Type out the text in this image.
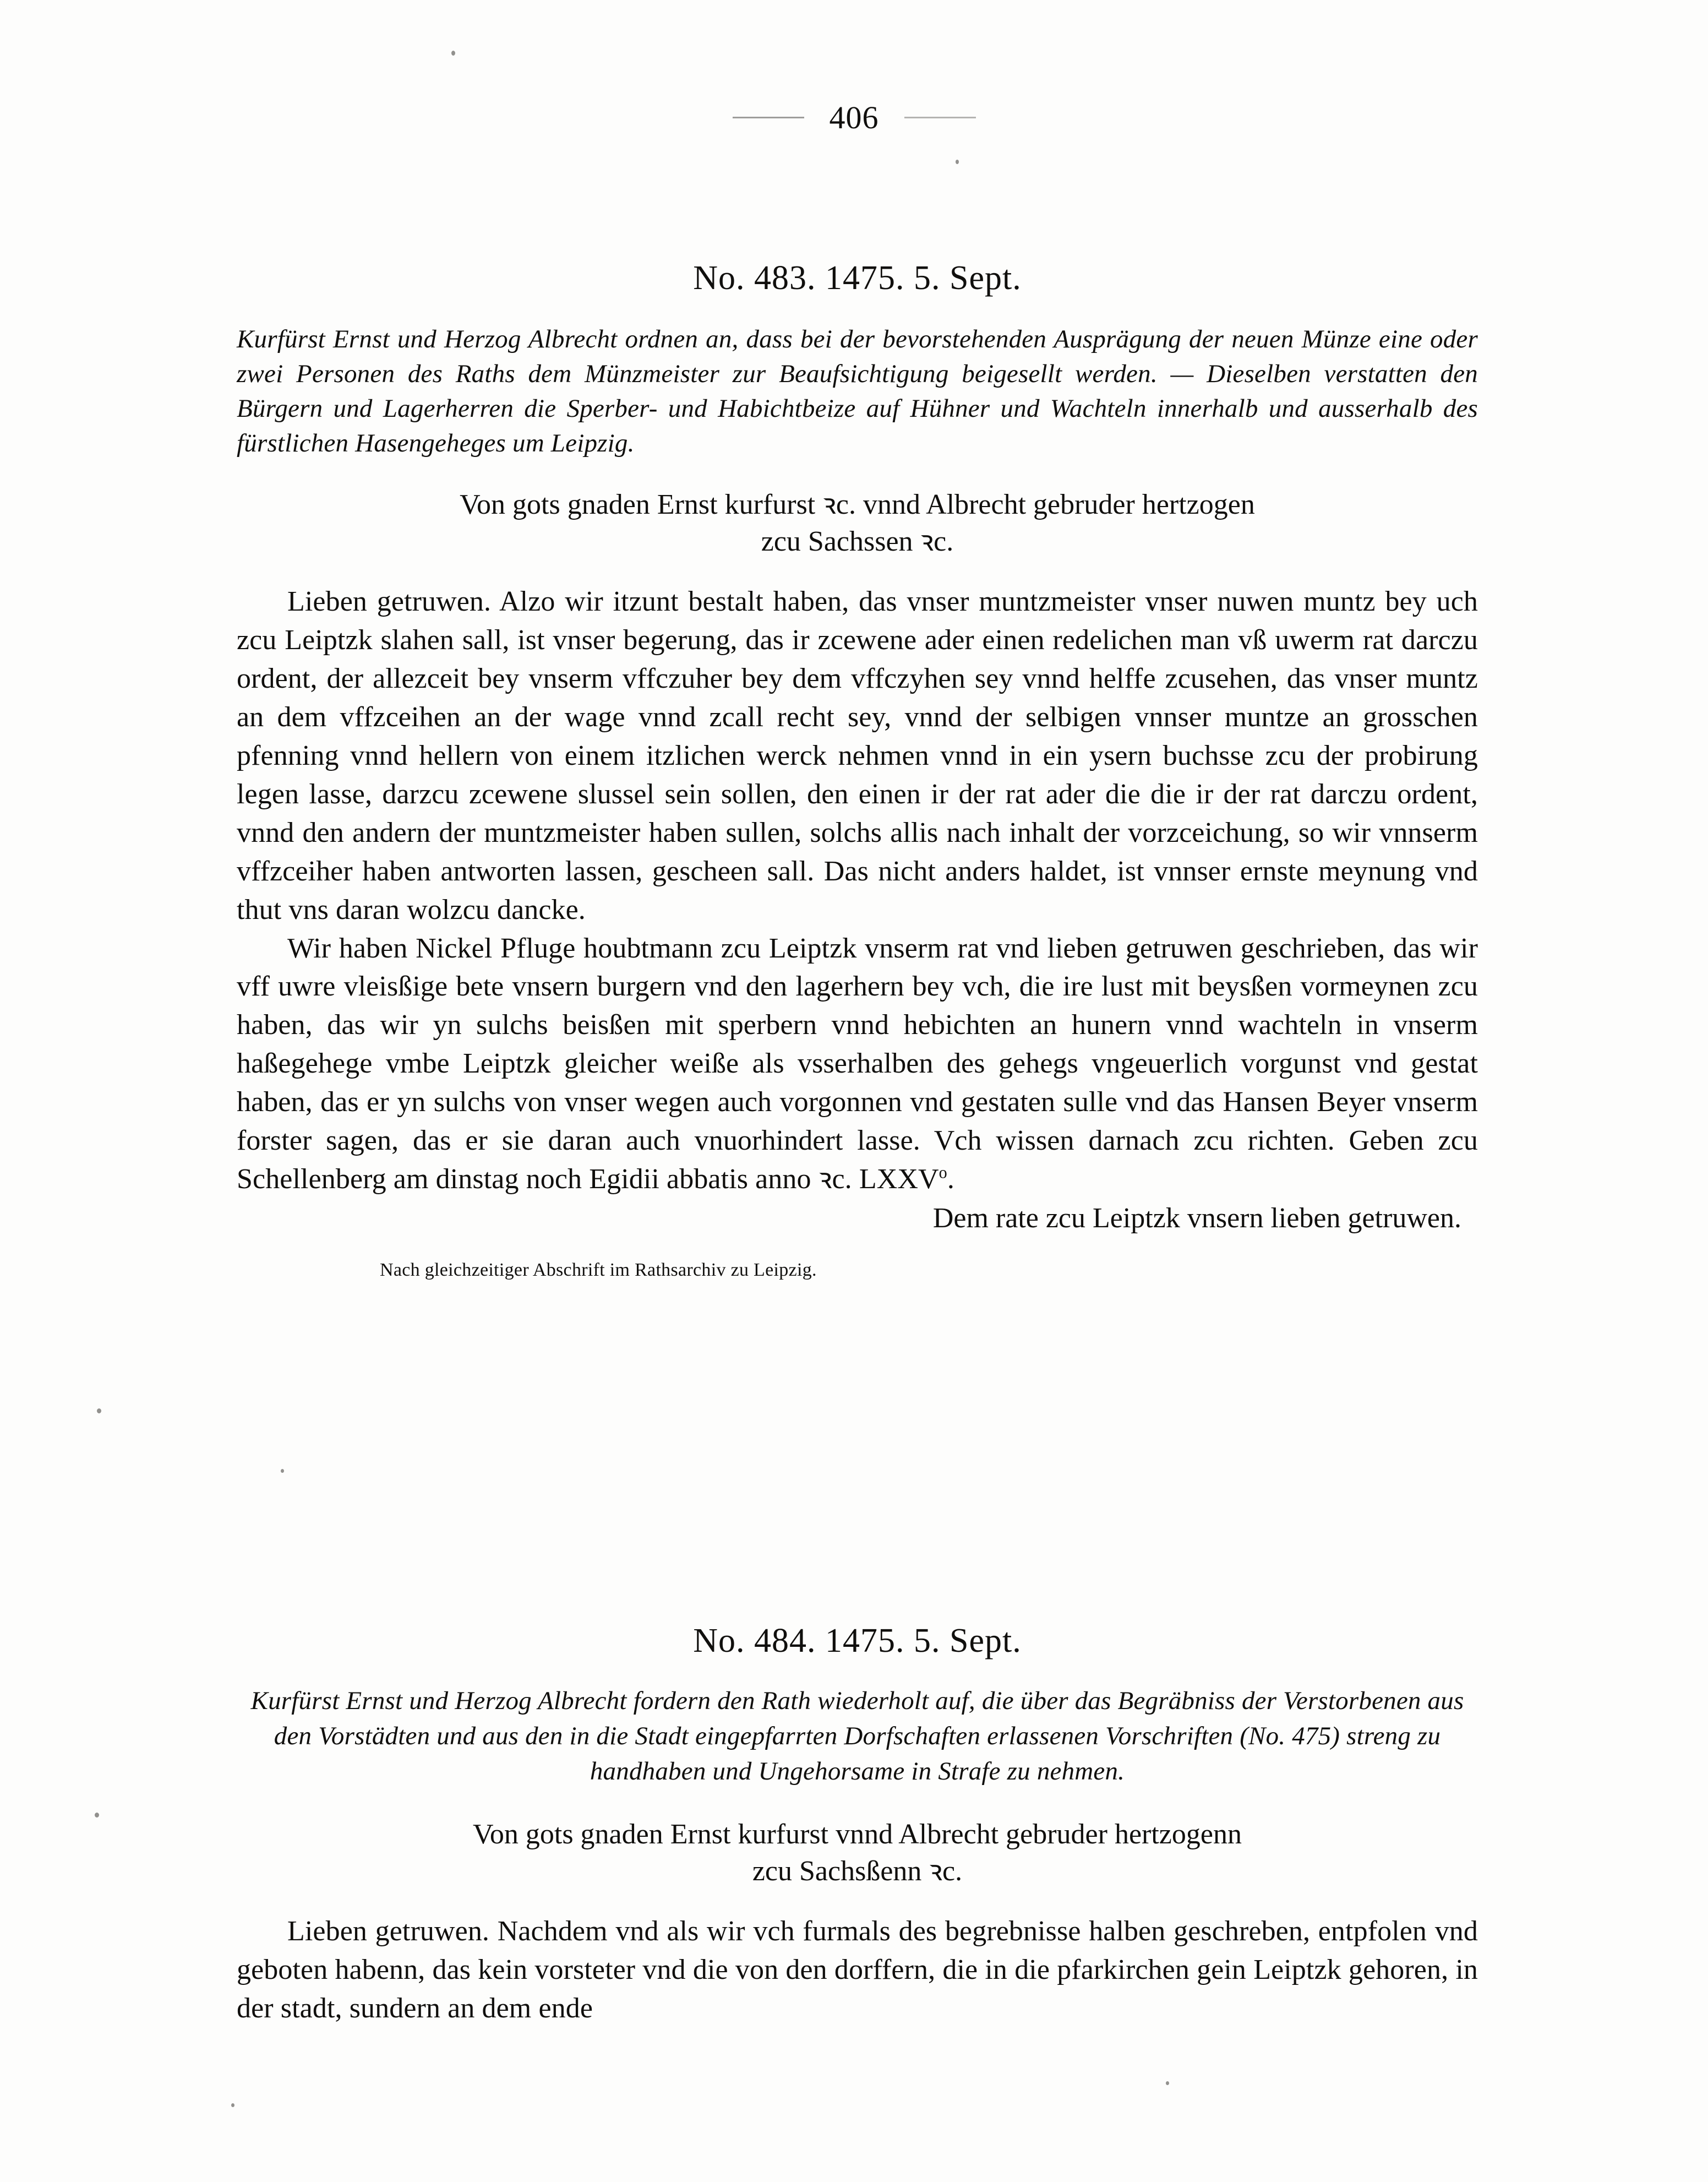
406
No. 483. 1475. 5. Sept.

Kurfürst Ernst und Herzog Albrecht ordnen an, dass bei der bevorstehenden Ausprägung der neuen Münze eine oder zwei Personen des Raths dem Münzmeister zur Beaufsichtigung beigesellt werden. — Dieselben verstatten den Bürgern und Lagerherren die Sperber- und Habichtbeize auf Hühner und Wachteln innerhalb und ausserhalb des fürstlichen Hasengeheges um Leipzig.

Von gots gnaden Ernst kurfurst ꝛc. vnnd Albrecht gebruder hertzogen

zcu Sachssen ꝛc.

Lieben getruwen. Alzo wir itzunt bestalt haben, das vnser muntzmeister vnser nuwen muntz bey uch zcu Leiptzk slahen sall, ist vnser begerung, das ir zcewene ader einen redelichen man vß uwerm rat darczu ordent, der allezceit bey vnserm vffczuher bey dem vffczyhen sey vnnd helffe zcusehen, das vnser muntz an dem vffzceihen an der wage vnnd zcall recht sey, vnnd der selbigen vnnser muntze an grosschen pfenning vnnd hellern von einem itzlichen werck nehmen vnnd in ein ysern buchsse zcu der probirung legen lasse, darzcu zcewene slussel sein sollen, den einen ir der rat ader die die ir der rat darczu ordent, vnnd den andern der muntzmeister haben sullen, solchs allis nach inhalt der vorzceichung, so wir vnnserm vffzceiher haben antworten lassen, gescheen sall. Das nicht anders haldet, ist vnnser ernste meynung vnd thut vns daran wolzcu dancke.

Wir haben Nickel Pfluge houbtmann zcu Leiptzk vnserm rat vnd lieben getruwen geschrieben, das wir vff uwre vleisßige bete vnsern burgern vnd den lagerhern bey vch, die ire lust mit beysßen vormeynen zcu haben, das wir yn sulchs beisßen mit sperbern vnnd hebichten an hunern vnnd wachteln in vnserm haßegehege vmbe Leiptzk gleicher weiße als vsserhalben des gehegs vngeuerlich vorgunst vnd gestat haben, das er yn sulchs von vnser wegen auch vorgonnen vnd gestaten sulle vnd das Hansen Beyer vnserm forster sagen, das er sie daran auch vnuorhindert lasse. Vch wissen darnach zcu richten. Geben zcu Schellenberg am dinstag noch Egidii abbatis anno ꝛc. LXXV$^o$.

Dem rate zcu Leiptzk vnsern lieben getruwen.

Nach gleichzeitiger Abschrift im Rathsarchiv zu Leipzig.

No. 484. 1475. 5. Sept.

Kurfürst Ernst und Herzog Albrecht fordern den Rath wiederholt auf, die über das Begräbniss der Verstorbenen aus den Vorstädten und aus den in die Stadt eingepfarrten Dorfschaften erlassenen Vorschriften (No. 475) streng zu handhaben und Ungehorsame in Strafe zu nehmen.

Von gots gnaden Ernst kurfurst vnnd Albrecht gebruder hertzogenn

zcu Sachsßenn ꝛc.

Lieben getruwen. Nachdem vnd als wir vch furmals des begrebnisse halben geschreben, entpfolen vnd geboten habenn, das kein vorsteter vnd die von den dorffern, die in die pfarkirchen gein Leiptzk gehoren, in der stadt, sundern an dem ende
